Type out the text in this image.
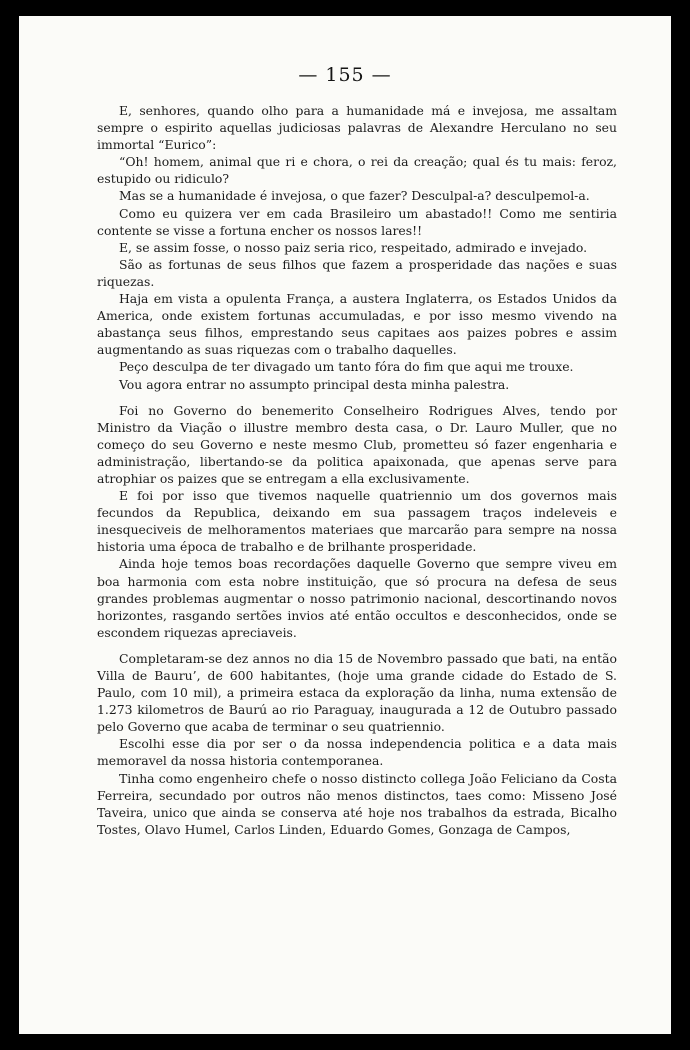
— 155 —

E, senhores, quando olho para a humanidade má e invejosa, me assaltam sempre o espirito aquellas judiciosas palavras de Alexandre Herculano no seu immortal “Eurico”:

“Oh! homem, animal que ri e chora, o rei da creação; qual és tu mais: feroz, estupido ou ridiculo?

Mas se a humanidade é invejosa, o que fazer? Desculpal-a? desculpemol-a.

Como eu quizera ver em cada Brasileiro um abastado!! Como me sentiria contente se visse a fortuna encher os nossos lares!!

E, se assim fosse, o nosso paiz seria rico, respeitado, admirado e invejado.

São as fortunas de seus filhos que fazem a prosperidade das nações e suas riquezas.

Haja em vista a opulenta França, a austera Inglaterra, os Estados Unidos da America, onde existem fortunas accumuladas, e por isso mesmo vivendo na abastança seus filhos, emprestando seus capitaes aos paizes pobres e assim augmentando as suas riquezas com o trabalho daquelles.

Peço desculpa de ter divagado um tanto fóra do fim que aqui me trouxe.

Vou agora entrar no assumpto principal desta minha palestra.

Foi no Governo do benemerito Conselheiro Rodrigues Alves, tendo por Ministro da Viação o illustre membro desta casa, o Dr. Lauro Muller, que no começo do seu Governo e neste mesmo Club, prometteu só fazer engenharia e administração, libertando-se da politica apaixonada, que apenas serve para atrophiar os paizes que se entregam a ella exclusivamente.

E foi por isso que tivemos naquelle quatriennio um dos governos mais fecundos da Republica, deixando em sua passagem traços indeleveis e inesqueciveis de melhoramentos materiaes que marcarão para sempre na nossa historia uma época de trabalho e de brilhante prosperidade.

Ainda hoje temos boas recordações daquelle Governo que sempre viveu em boa harmonia com esta nobre instituição, que só procura na defesa de seus grandes problemas augmentar o nosso patrimonio nacional, descortinando novos horizontes, rasgando sertões invios até então occultos e desconhecidos, onde se escondem riquezas apreciaveis.

Completaram-se dez annos no dia 15 de Novembro passado que bati, na então Villa de Bauru’, de 600 habitantes, (hoje uma grande cidade do Estado de S. Paulo, com 10 mil), a primeira estaca da exploração da linha, numa extensão de 1.273 kilometros de Baurú ao rio Paraguay, inaugurada a 12 de Outubro passado pelo Governo que acaba de terminar o seu quatriennio.

Escolhi esse dia por ser o da nossa independencia politica e a data mais memoravel da nossa historia contemporanea.

Tinha como engenheiro chefe o nosso distincto collega João Feliciano da Costa Ferreira, secundado por outros não menos distinctos, taes como: Misseno José Taveira, unico que ainda se conserva até hoje nos trabalhos da estrada, Bicalho Tostes, Olavo Humel, Carlos Linden, Eduardo Gomes, Gonzaga de Campos,
